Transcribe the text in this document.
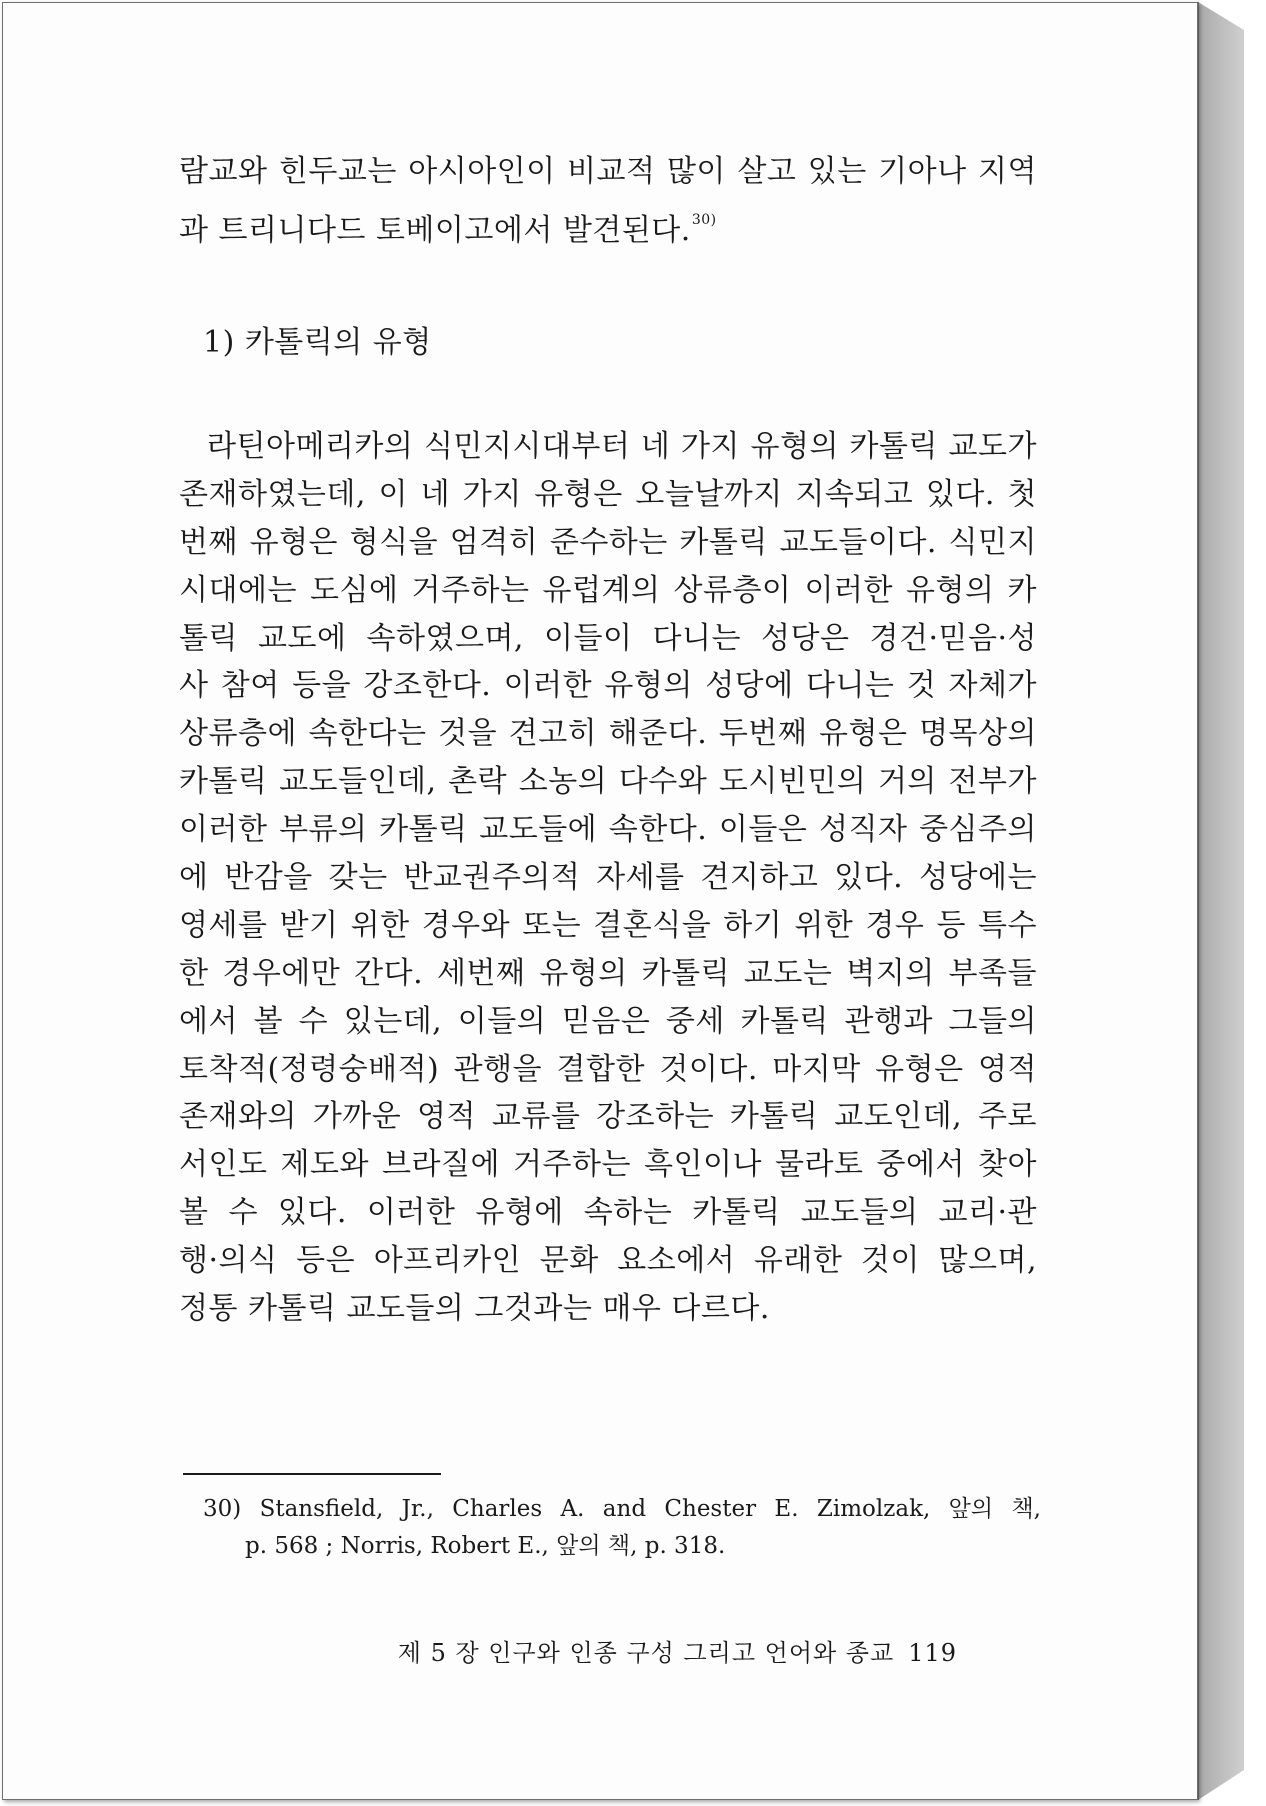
람교와 힌두교는 아시아인이 비교적 많이 살고 있는 기아나 지역
과 트리니다드 토베이고에서 발견된다.$^{30)}$
1) 카톨릭의 유형
라틴아메리카의 식민지시대부터 네 가지 유형의 카톨릭 교도가
존재하였는데, 이 네 가지 유형은 오늘날까지 지속되고 있다. 첫
번째 유형은 형식을 엄격히 준수하는 카톨릭 교도들이다. 식민지
시대에는 도심에 거주하는 유럽계의 상류층이 이러한 유형의 카
톨릭 교도에 속하였으며, 이들이 다니는 성당은 경건·믿음·성
사 참여 등을 강조한다. 이러한 유형의 성당에 다니는 것 자체가
상류층에 속한다는 것을 견고히 해준다. 두번째 유형은 명목상의
카톨릭 교도들인데, 촌락 소농의 다수와 도시빈민의 거의 전부가
이러한 부류의 카톨릭 교도들에 속한다. 이들은 성직자 중심주의
에 반감을 갖는 반교권주의적 자세를 견지하고 있다. 성당에는
영세를 받기 위한 경우와 또는 결혼식을 하기 위한 경우 등 특수
한 경우에만 간다. 세번째 유형의 카톨릭 교도는 벽지의 부족들
에서 볼 수 있는데, 이들의 믿음은 중세 카톨릭 관행과 그들의
토착적(정령숭배적) 관행을 결합한 것이다. 마지막 유형은 영적
존재와의 가까운 영적 교류를 강조하는 카톨릭 교도인데, 주로
서인도 제도와 브라질에 거주하는 흑인이나 물라토 중에서 찾아
볼 수 있다. 이러한 유형에 속하는 카톨릭 교도들의 교리·관
행·의식 등은 아프리카인 문화 요소에서 유래한 것이 많으며,
정통 카톨릭 교도들의 그것과는 매우 다르다.
30) Stansfield, Jr., Charles A. and Chester E. Zimolzak, 앞의 책,
p. 568 ; Norris, Robert E., 앞의 책, p. 318.
제 5 장 인구와 인종 구성 그리고 언어와 종교 119
